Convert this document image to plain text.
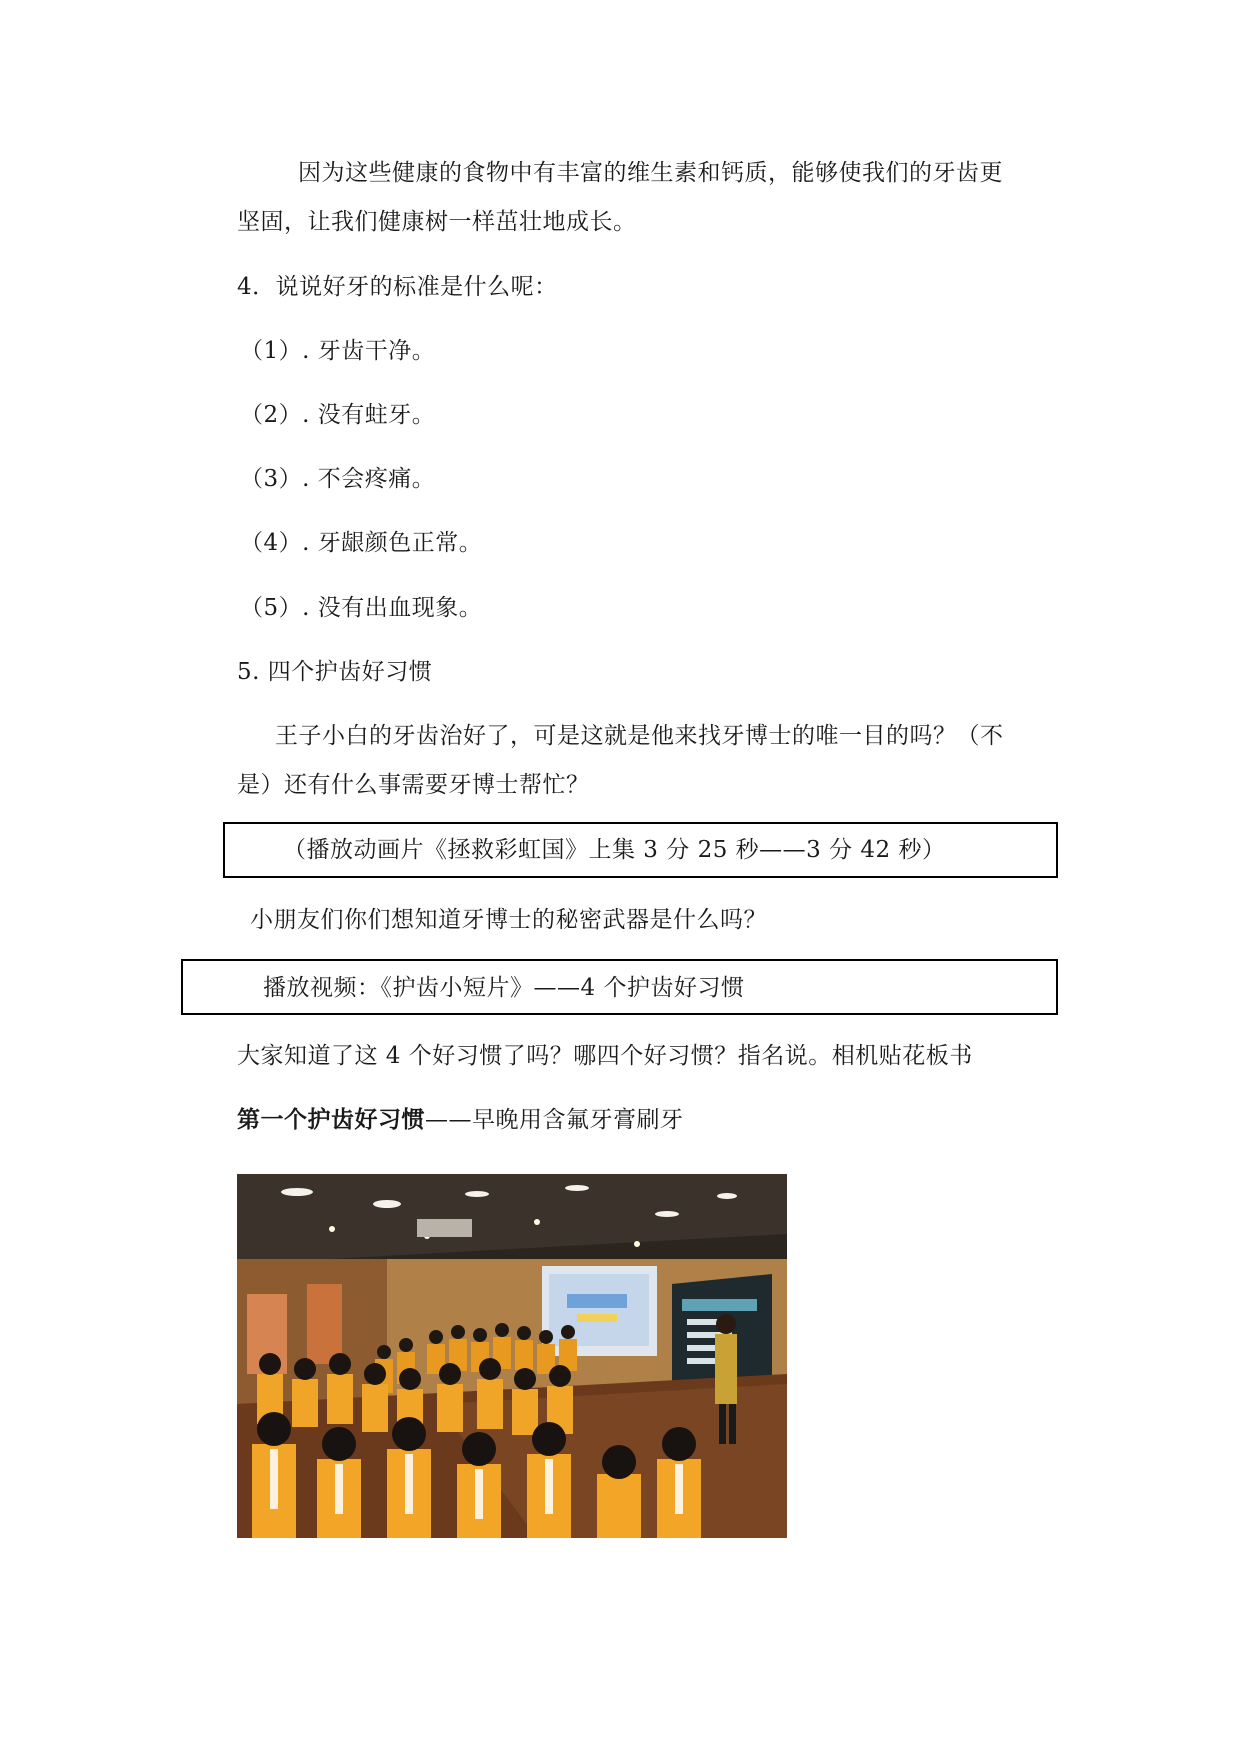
因为这些健康的食物中有丰富的维生素和钙质，能够使我们的牙齿更
坚固，让我们健康树一样茁壮地成长。
4．说说好牙的标准是什么呢：
（1）. 牙齿干净。
（2）. 没有蛀牙。
（3）. 不会疼痛。
（4）. 牙龈颜色正常。
（5）. 没有出血现象。
5. 四个护齿好习惯
王子小白的牙齿治好了，可是这就是他来找牙博士的唯一目的吗？（不
是）还有什么事需要牙博士帮忙？
（播放动画片《拯救彩虹国》上集 3 分 25 秒——3 分 42 秒）
小朋友们你们想知道牙博士的秘密武器是什么吗？
播放视频：《护齿小短片》——4 个护齿好习惯
大家知道了这 4 个好习惯了吗？哪四个好习惯？指名说。相机贴花板书
第一个护齿好习惯——早晚用含氟牙膏刷牙
